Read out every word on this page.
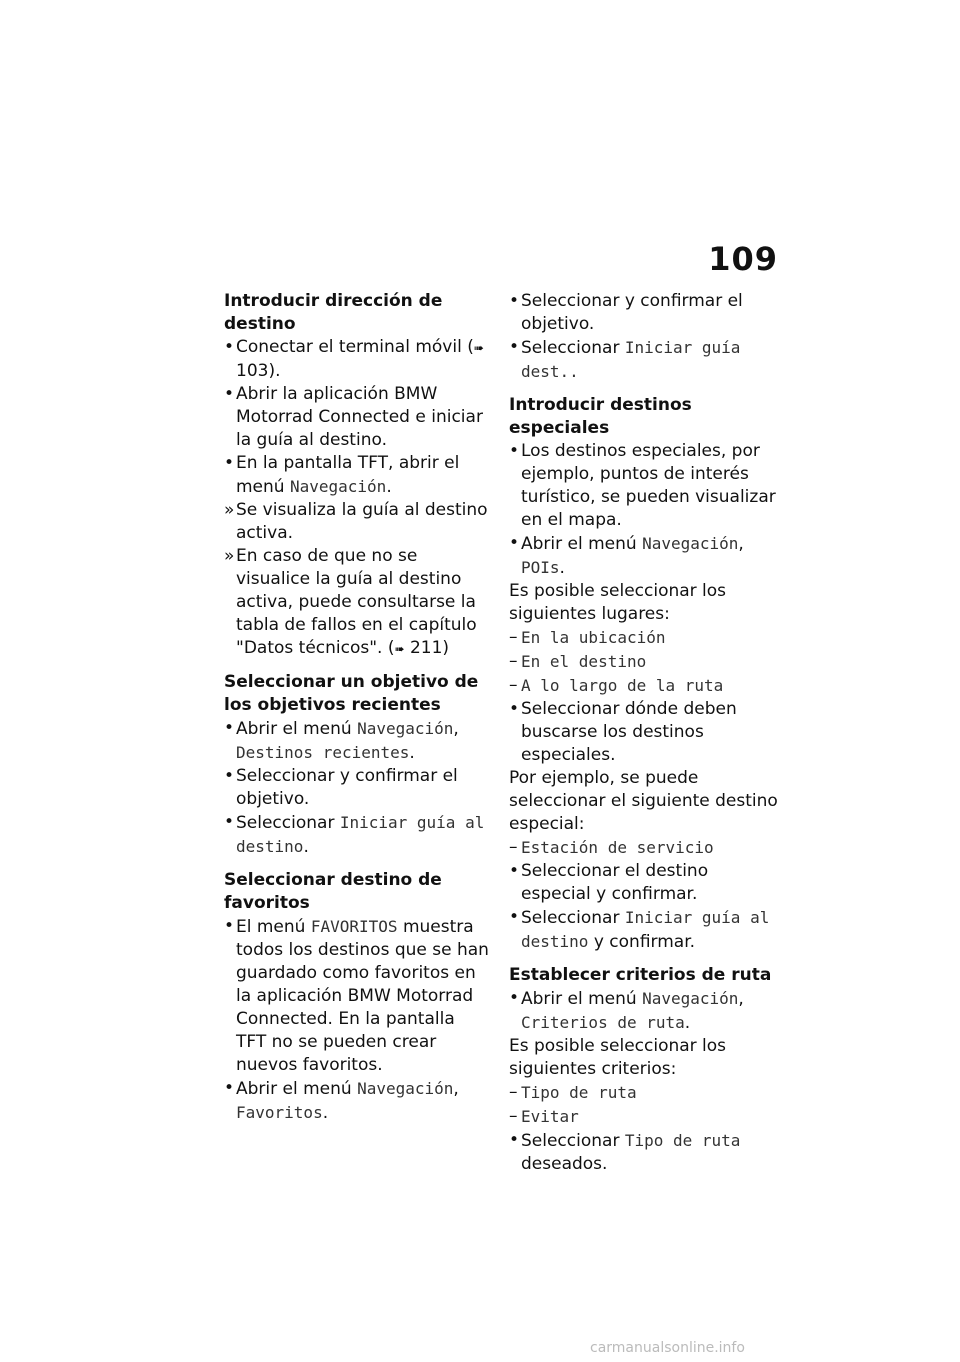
109

Introducir dirección de destino

• Conectar el terminal móvil (➠ 103).

• Abrir la aplicación BMW Motorrad Connected e iniciar la guía al destino.

• En la pantalla TFT, abrir el menú Navegación.

» Se visualiza la guía al destino activa.

» En caso de que no se visualice la guía al destino activa, puede consultarse la tabla de fallos en el capítulo "Datos técnicos". (➠ 211)

Seleccionar un objetivo de los objetivos recientes

• Abrir el menú Navegación, Destinos recientes.

• Seleccionar y confirmar el objetivo.

• Seleccionar Iniciar guía al destino.

Seleccionar destino de favoritos

• El menú FAVORITOS muestra todos los destinos que se han guardado como favoritos en la aplicación BMW Motorrad Connected. En la pantalla TFT no se pueden crear nuevos favoritos.

• Abrir el menú Navegación, Favoritos.

• Seleccionar y confirmar el objetivo.

• Seleccionar Iniciar guía dest..

Introducir destinos especiales

• Los destinos especiales, por ejemplo, puntos de interés turístico, se pueden visualizar en el mapa.

• Abrir el menú Navegación, POIs.

Es posible seleccionar los siguientes lugares:

– En la ubicación

– En el destino

– A lo largo de la ruta

• Seleccionar dónde deben buscarse los destinos especiales.

Por ejemplo, se puede seleccionar el siguiente destino especial:

– Estación de servicio

• Seleccionar el destino especial y confirmar.

• Seleccionar Iniciar guía al destino y confirmar.

Establecer criterios de ruta

• Abrir el menú Navegación, Criterios de ruta.

Es posible seleccionar los siguientes criterios:

– Tipo de ruta

– Evitar

• Seleccionar Tipo de ruta deseados.

carmanualsonline.info
